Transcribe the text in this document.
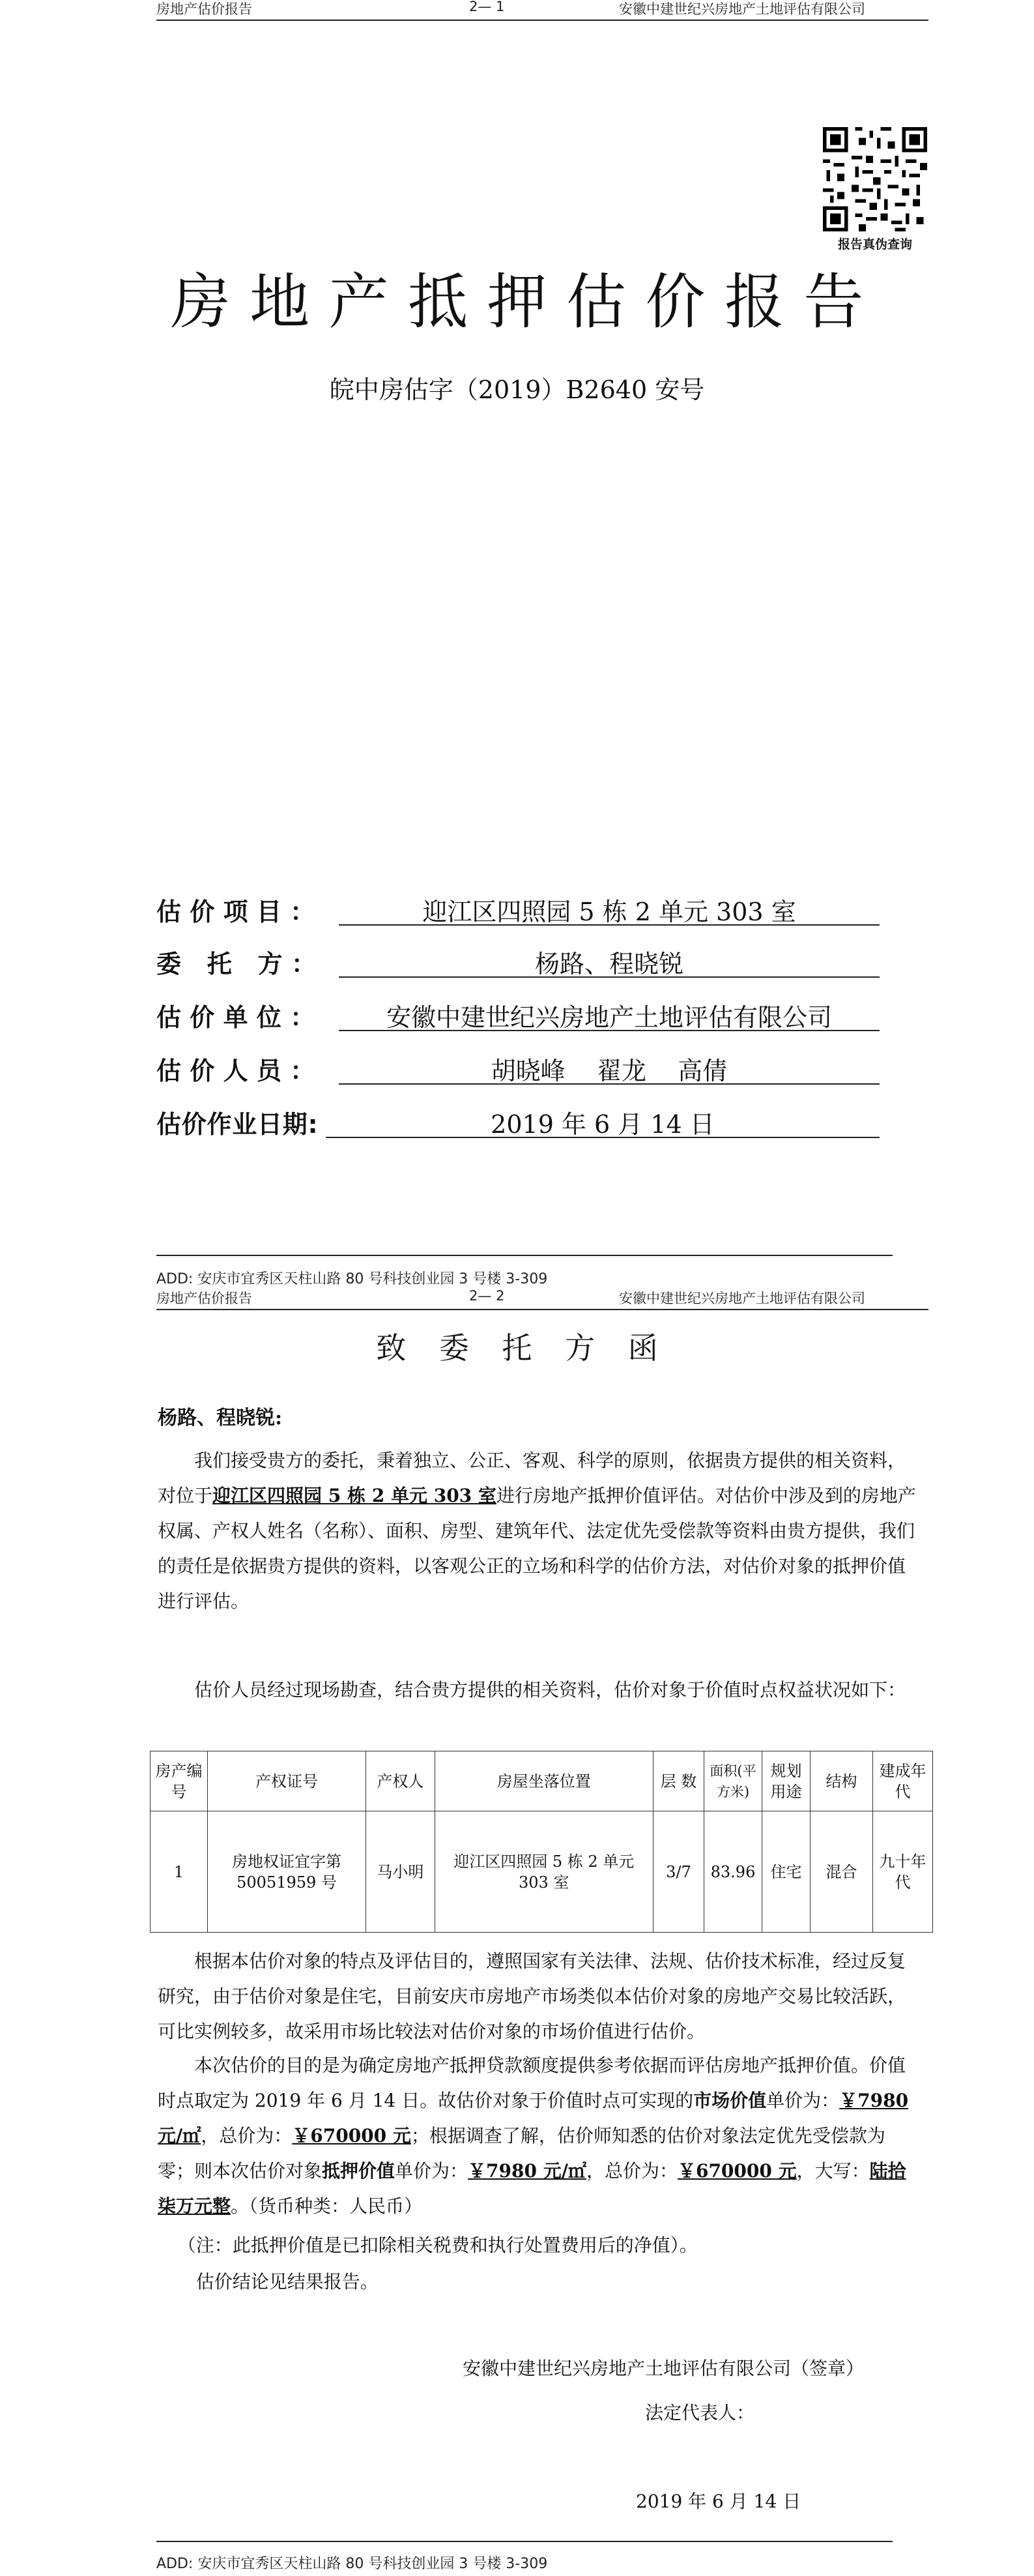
房地产估价报告	2— 1	安徽中建世纪兴房地产土地评估有限公司
报告真伪查询
房地产抵押估价报告
皖中房估字（2019）B2640 安号
估价项目：	迎江区四照园 5 栋 2 单元 303 室
委 托 方：	杨路、程晓锐
估价单位：	安徽中建世纪兴房地产土地评估有限公司
估价人员：	胡晓峰    翟龙    高倩
估价作业日期:	2019 年 6 月 14 日
ADD: 安庆市宜秀区天柱山路 80 号科技创业园 3 号楼 3-309
房地产估价报告	2— 2	安徽中建世纪兴房地产土地评估有限公司
致委托方函
杨路、程晓锐:
我们接受贵方的委托，秉着独立、公正、客观、科学的原则，依据贵方提供的相关资料，对位于迎江区四照园 5 栋 2 单元 303 室进行房地产抵押价值评估。对估价中涉及到的房地产权属、产权人姓名（名称）、面积、房型、建筑年代、法定优先受偿款等资料由贵方提供，我们的责任是依据贵方提供的资料，以客观公正的立场和科学的估价方法，对估价对象的抵押价值进行评估。
估价人员经过现场勘查，结合贵方提供的相关资料，估价对象于价值时点权益状况如下：
房产编号	产权证号	产权人	房屋坐落位置	层 数	面积(平方米)	规划用途	结构	建成年代
1	房地权证宜字第 50051959 号	马小明	迎江区四照园 5 栋 2 单元 303 室	3/7	83.96	住宅	混合	九十年代
根据本估价对象的特点及评估目的，遵照国家有关法律、法规、估价技术标准，经过反复研究，由于估价对象是住宅，目前安庆市房地产市场类似本估价对象的房地产交易比较活跃，可比实例较多，故采用市场比较法对估价对象的市场价值进行估价。
本次估价的目的是为确定房地产抵押贷款额度提供参考依据而评估房地产抵押价值。价值时点取定为 2019 年 6 月 14 日。故估价对象于价值时点可实现的市场价值单价为：￥7980 元/㎡，总价为：￥670000 元；根据调查了解，估价师知悉的估价对象法定优先受偿款为零；则本次估价对象抵押价值单价为：￥7980 元/㎡，总价为：￥670000 元，大写：陆拾柒万元整。（货币种类：人民币）
（注：此抵押价值是已扣除相关税费和执行处置费用后的净值）。
估价结论见结果报告。
安徽中建世纪兴房地产土地评估有限公司（签章）
法定代表人：
2019 年 6 月 14 日
ADD: 安庆市宜秀区天柱山路 80 号科技创业园 3 号楼 3-309
